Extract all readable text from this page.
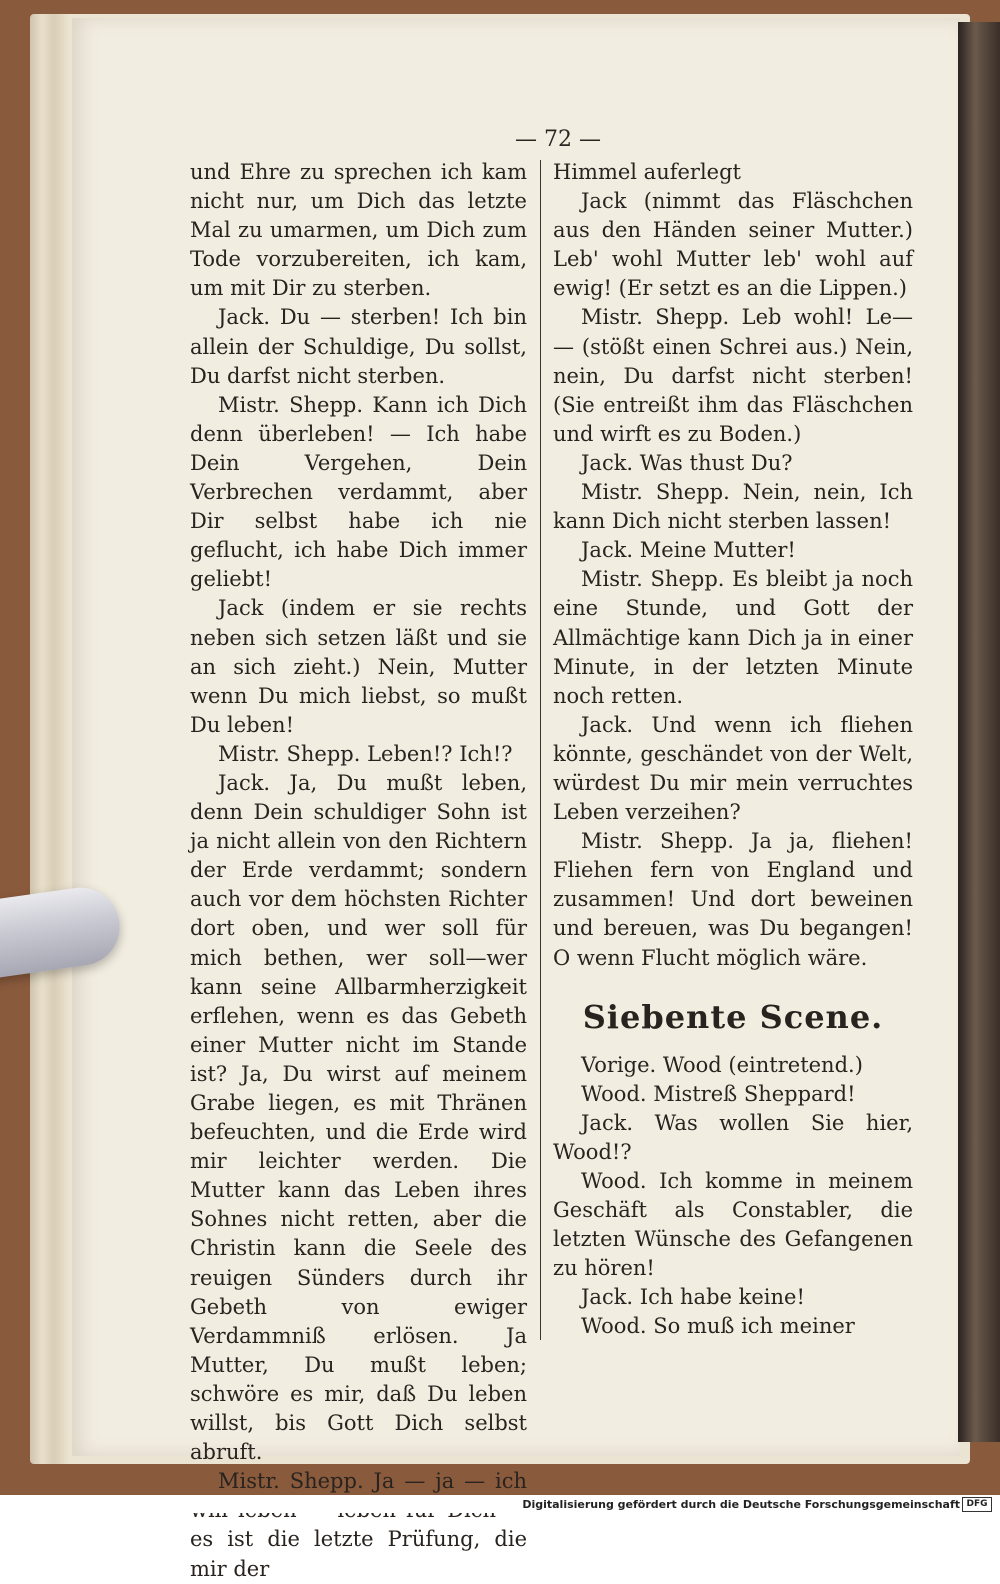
— 72 —

und Ehre zu sprechen ich kam nicht nur, um Dich das letzte Mal zu umarmen, um Dich zum Tode vorzubereiten, ich kam, um mit Dir zu sterben.

Jack. Du — sterben! Ich bin allein der Schuldige, Du sollst, Du darfst nicht sterben.

Mistr. Shepp. Kann ich Dich denn überleben! — Ich habe Dein Vergehen, Dein Verbrechen verdammt, aber Dir selbst habe ich nie geflucht, ich habe Dich immer geliebt!

Jack (indem er sie rechts neben sich setzen läßt und sie an sich zieht.) Nein, Mutter wenn Du mich liebst, so mußt Du leben!

Mistr. Shepp. Leben!? Ich!?

Jack. Ja, Du mußt leben, denn Dein schuldiger Sohn ist ja nicht allein von den Richtern der Erde verdammt; sondern auch vor dem höchsten Richter dort oben, und wer soll für mich bethen, wer soll—wer kann seine Allbarmherzigkeit erflehen, wenn es das Gebeth einer Mutter nicht im Stande ist? Ja, Du wirst auf meinem Grabe liegen, es mit Thränen befeuchten, und die Erde wird mir leichter werden. Die Mutter kann das Leben ihres Sohnes nicht retten, aber die Christin kann die Seele des reuigen Sünders durch ihr Gebeth von ewiger Verdammniß erlösen. Ja Mutter, Du mußt leben; schwöre es mir, daß Du leben willst, bis Gott Dich selbst abruft.

Mistr. Shepp. Ja — ja — ich es ist die letzte Prüfung, die mir der

Himmel auferlegt

Jack (nimmt das Fläschchen aus den Händen seiner Mutter.) Leb' wohl Mutter leb' wohl auf ewig! (Er setzt es an die Lippen.)

Mistr. Shepp. Leb wohl! Le— — (stößt einen Schrei aus.) Nein, nein, Du darfst nicht sterben! (Sie entreißt ihm das Fläschchen und wirft es zu Boden.)

Jack. Was thust Du?

Mistr. Shepp. Nein, nein, Ich kann Dich nicht sterben lassen!

Jack. Meine Mutter!

Mistr. Shepp. Es bleibt ja noch eine Stunde, und Gott der Allmächtige kann Dich ja in einer Minute, in der letzten Minute noch retten.

Jack. Und wenn ich fliehen könnte, geschändet von der Welt, würdest Du mir mein verruchtes Leben verzeihen?

Mistr. Shepp. Ja ja, fliehen! Fliehen fern von England und zusammen! Und dort beweinen und bereuen, was Du begangen! O wenn Flucht möglich wäre.

Siebente Scene.

Vorige. Wood (eintretend.)

Wood. Mistreß Sheppard!

Jack. Was wollen Sie hier, Wood!?

Wood. Ich komme in meinem Geschäft als Constabler, die letzten Wünsche des Gefangenen zu hören!

Jack. Ich habe keine!

Wood. So muß ich meiner

Digitalisierung gefördert durch die Deutsche Forschungsgemeinschaft DFG
